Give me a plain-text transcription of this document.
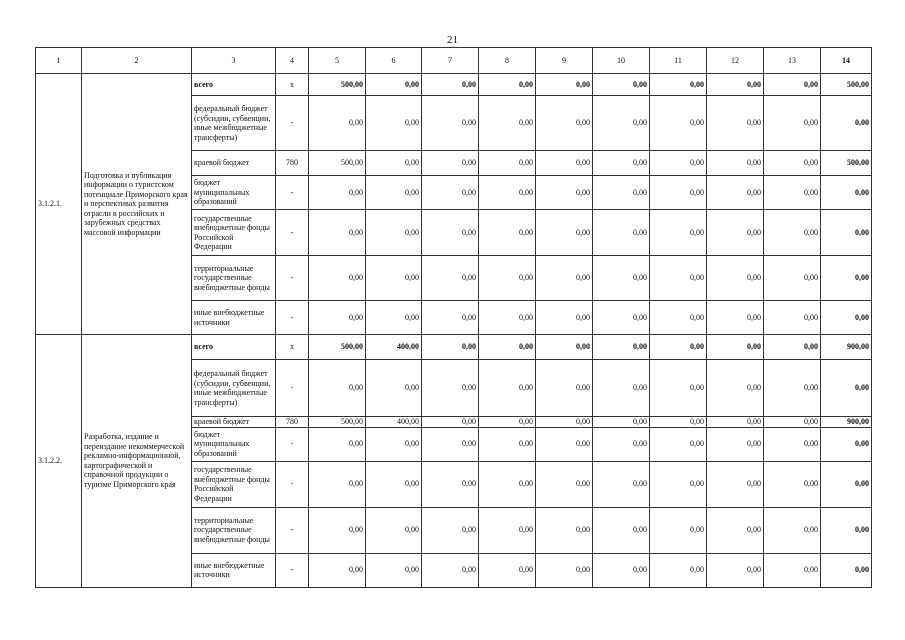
21
1	2	3	4	5	6	7	8	9	10	11	12	13	14
3.1.2.1.	Подготовка и публикация информации о туристском потенциале Приморского края и перспективах развития отрасли в российских и зарубежных средствах массовой информации	всего	х	500,00	0,00	0,00	0,00	0,00	0,00	0,00	0,00	0,00	500,00
		федеральный бюджет (субсидии, субвенции, иные межбюджетные трансферты)	-	0,00	0,00	0,00	0,00	0,00	0,00	0,00	0,00	0,00	0,00
		краевой бюджет	780	500,00	0,00	0,00	0,00	0,00	0,00	0,00	0,00	0,00	500,00
		бюджет муниципальных образований	-	0,00	0,00	0,00	0,00	0,00	0,00	0,00	0,00	0,00	0,00
		государственные внебюджетные фонды Российской Федерации	-	0,00	0,00	0,00	0,00	0,00	0,00	0,00	0,00	0,00	0,00
		территориальные государственные внебюджетные фонды	-	0,00	0,00	0,00	0,00	0,00	0,00	0,00	0,00	0,00	0,00
		иные внебюджетные источники	-	0,00	0,00	0,00	0,00	0,00	0,00	0,00	0,00	0,00	0,00
3.1.2.2.	Разработка, издание и переиздание некоммерческой рекламно-информационной, картографической и справочной продукции о туризме Приморского края	всего	х	500,00	400,00	0,00	0,00	0,00	0,00	0,00	0,00	0,00	900,00
		федеральный бюджет (субсидии, субвенции, иные межбюджетные трансферты)	-	0,00	0,00	0,00	0,00	0,00	0,00	0,00	0,00	0,00	0,00
		краевой бюджет	780	500,00	400,00	0,00	0,00	0,00	0,00	0,00	0,00	0,00	900,00
		бюджет муниципальных образований	-	0,00	0,00	0,00	0,00	0,00	0,00	0,00	0,00	0,00	0,00
		государственные внебюджетные фонды Российской Федерации	-	0,00	0,00	0,00	0,00	0,00	0,00	0,00	0,00	0,00	0,00
		территориальные государственные внебюджетные фонды	-	0,00	0,00	0,00	0,00	0,00	0,00	0,00	0,00	0,00	0,00
		иные внебюджетные источники	-	0,00	0,00	0,00	0,00	0,00	0,00	0,00	0,00	0,00	0,00
